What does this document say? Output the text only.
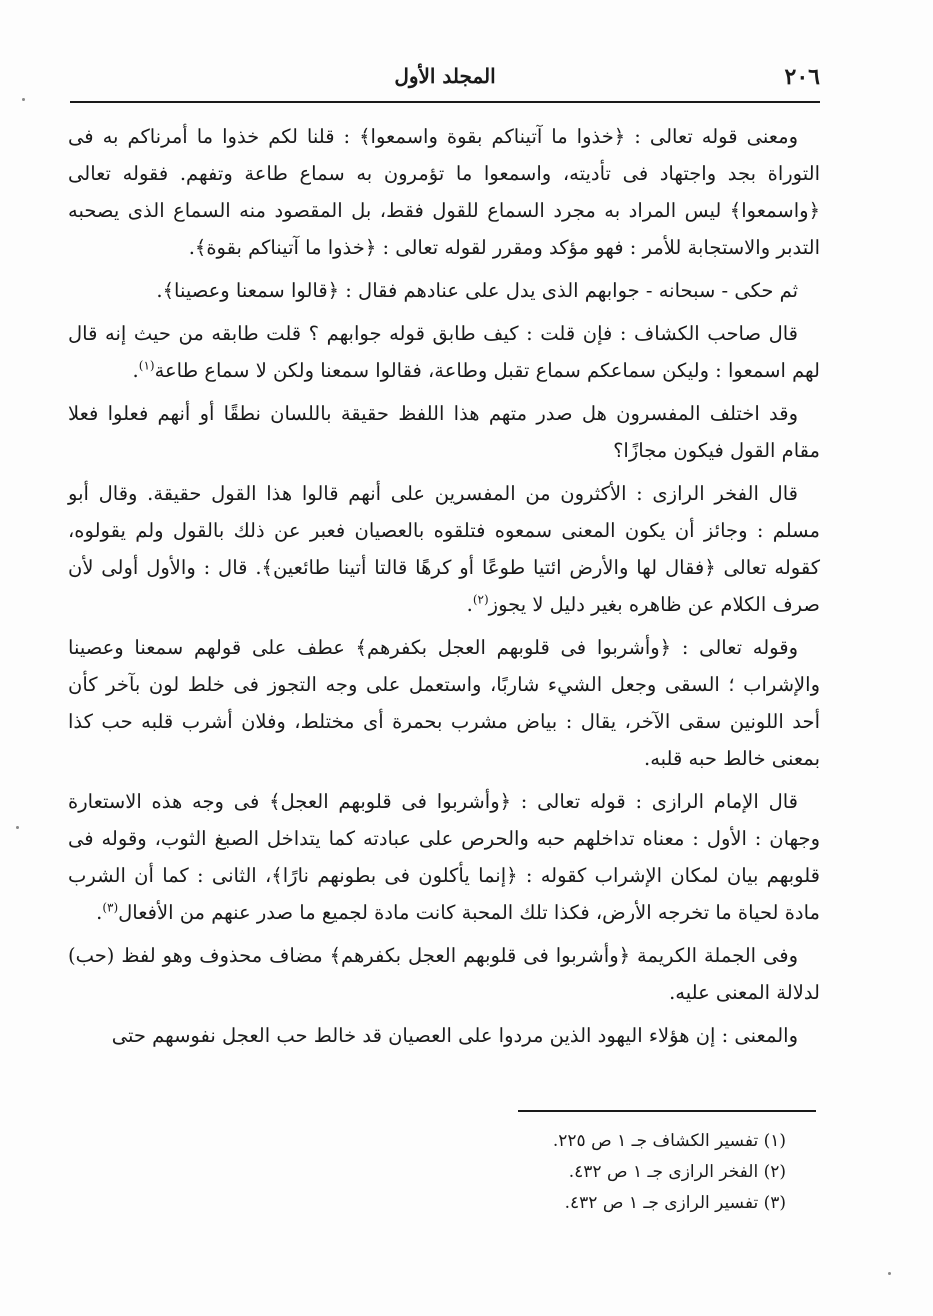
٢٠٦
المجلد الأول

ومعنى قوله تعالى : ﴿خذوا ما آتيناكم بقوة واسمعوا﴾ : قلنا لكم خذوا ما أمرناكم به فى التوراة بجد واجتهاد فى تأديته، واسمعوا ما تؤمرون به سماع طاعة وتفهم. فقوله تعالى ﴿واسمعوا﴾ ليس المراد به مجرد السماع للقول فقط، بل المقصود منه السماع الذى يصحبه التدبر والاستجابة للأمر : فهو مؤكد ومقرر لقوله تعالى : ﴿خذوا ما آتيناكم بقوة﴾.

ثم حكى - سبحانه - جوابهم الذى يدل على عنادهم فقال : ﴿قالوا سمعنا وعصينا﴾.

قال صاحب الكشاف : فإن قلت : كيف طابق قوله جوابهم ؟ قلت طابقه من حيث إنه قال لهم اسمعوا : وليكن سماعكم سماع تقبل وطاعة، فقالوا سمعنا ولكن لا سماع طاعة$^{(١)}$.

وقد اختلف المفسرون هل صدر متهم هذا اللفظ حقيقة باللسان نطقًا أو أنهم فعلوا فعلا مقام القول فيكون مجازًا؟

قال الفخر الرازى : الأكثرون من المفسرين على أنهم قالوا هذا القول حقيقة. وقال أبو مسلم : وجائز أن يكون المعنى سمعوه فتلقوه بالعصيان فعبر عن ذلك بالقول ولم يقولوه، كقوله تعالى ﴿فقال لها والأرض ائتيا طوعًا أو كرهًا قالتا أتينا طائعين﴾. قال : والأول أولى لأن صرف الكلام عن ظاهره بغير دليل لا يجوز$^{(٢)}$.

وقوله تعالى : ﴿وأشربوا فى قلوبهم العجل بكفرهم﴾ عطف على قولهم سمعنا وعصينا والإشراب ؛ السقى وجعل الشيء شاربًا، واستعمل على وجه التجوز فى خلط لون بآخر كأن أحد اللونين سقى الآخر، يقال : بياض مشرب بحمرة أى مختلط، وفلان أشرب قلبه حب كذا بمعنى خالط حبه قلبه.

قال الإمام الرازى : قوله تعالى : ﴿وأشربوا فى قلوبهم العجل﴾ فى وجه هذه الاستعارة وجهان : الأول : معناه تداخلهم حبه والحرص على عبادته كما يتداخل الصبغ الثوب، وقوله فى قلوبهم بيان لمكان الإشراب كقوله : ﴿إنما يأكلون فى بطونهم نارًا﴾، الثانى : كما أن الشرب مادة لحياة ما تخرجه الأرض، فكذا تلك المحبة كانت مادة لجميع ما صدر عنهم من الأفعال$^{(٣)}$.

وفى الجملة الكريمة ﴿وأشربوا فى قلوبهم العجل بكفرهم﴾ مضاف محذوف وهو لفظ (حب) لدلالة المعنى عليه.

والمعنى : إن هؤلاء اليهود الذين مردوا على العصيان قد خالط حب العجل نفوسهم حتى

(١) تفسير الكشاف جـ ١ ص ٢٢٥.
(٢) الفخر الرازى جـ ١ ص ٤٣٢.
(٣) تفسير الرازى جـ ١ ص ٤٣٢.
